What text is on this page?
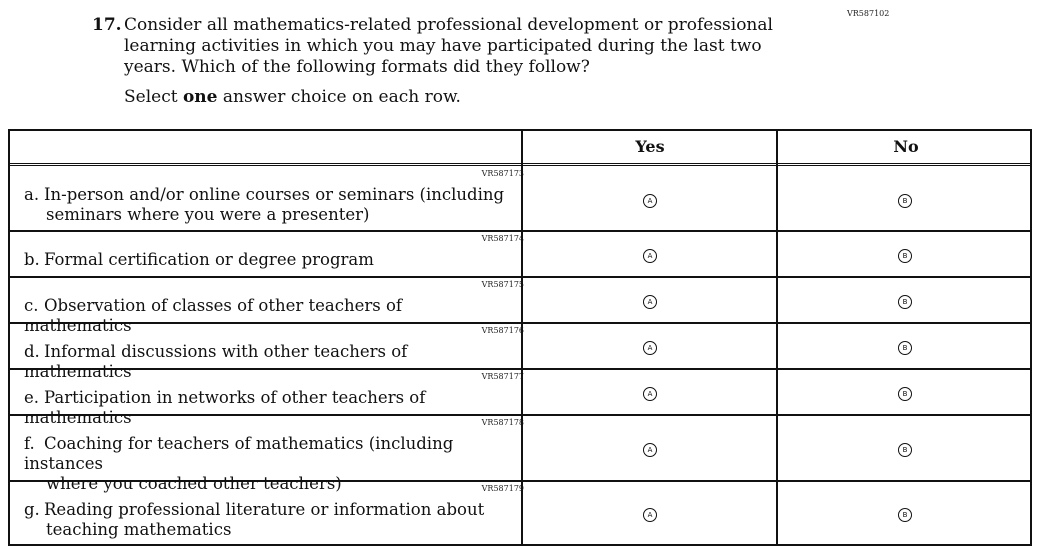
VR587102
17. Consider all mathematics-related professional development or professional learning activities in which you may have participated during the last two years. Which of the following formats did they follow?
Select one answer choice on each row.
Yes	No
VR587173
a. In-person and/or online courses or seminars (including
seminars where you were a presenter)
A	B
VR587174
b. Formal certification or degree program	A	B
VR587175
c. Observation of classes of other teachers of mathematics
A	B
VR587176
d. Informal discussions with other teachers of mathematics
A	B
VR587177
e. Participation in networks of other teachers of mathematics
A	B
VR587178
f. Coaching for teachers of mathematics (including instances
where you coached other teachers)
A	B
VR587179
g. Reading professional literature or information about
teaching mathematics
A	B
